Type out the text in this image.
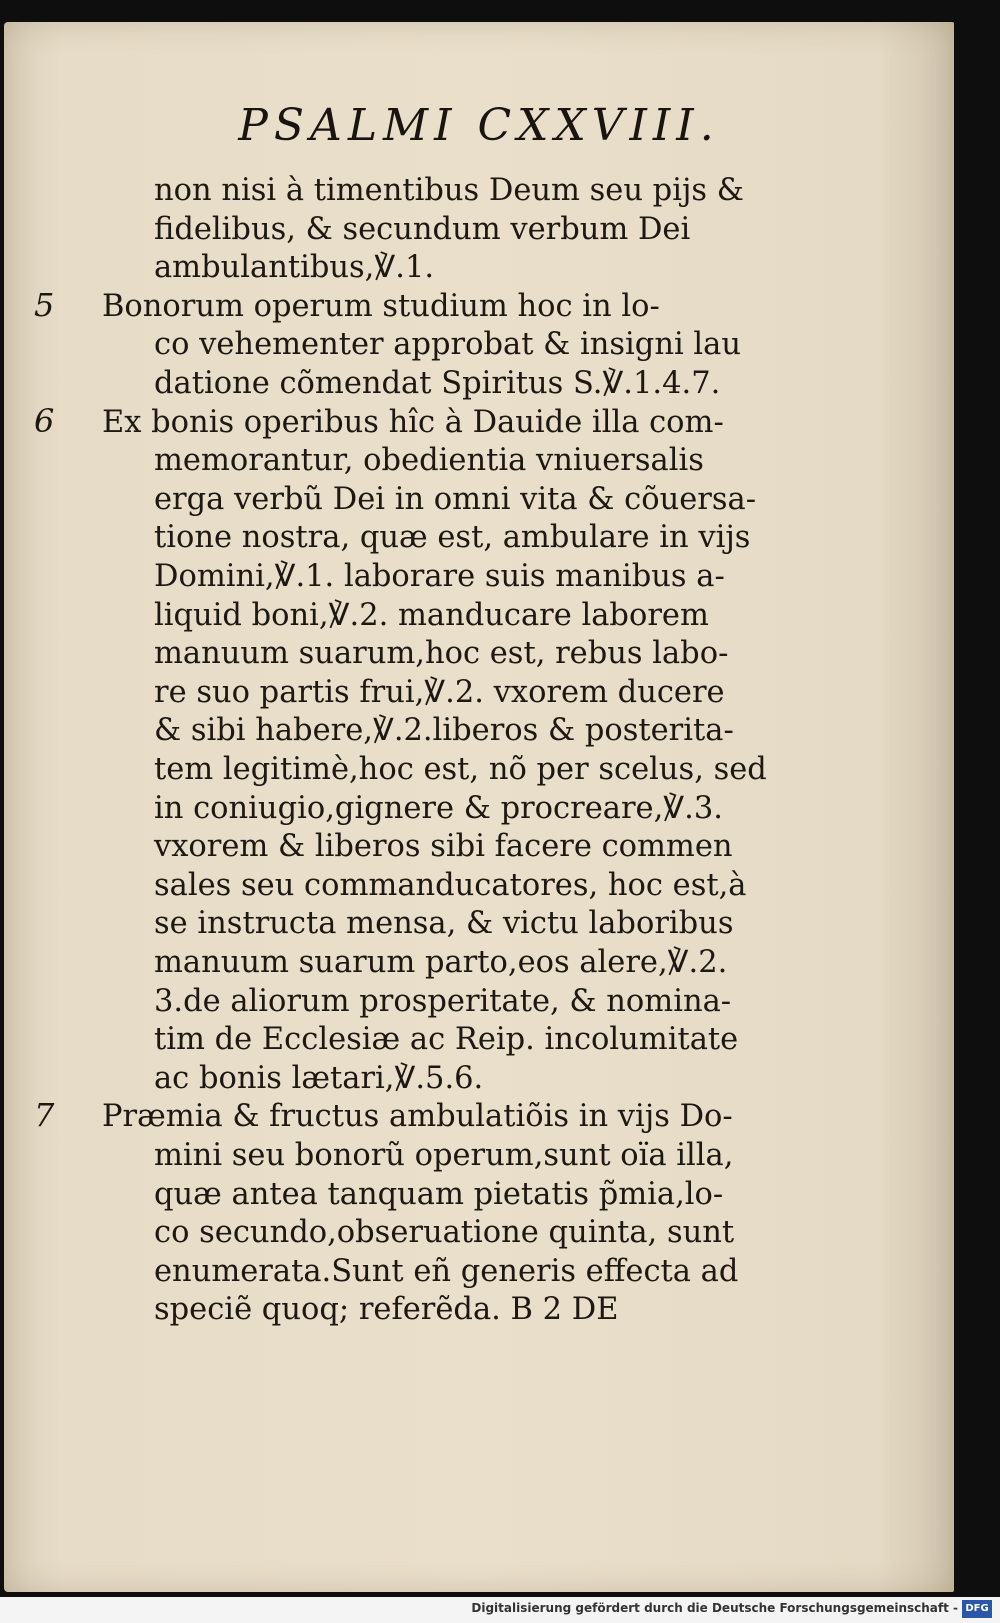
PSALMI CXXVIII.
non nisi à timentibus Deum seu pijs &
fidelibus, & secundum verbum Dei
ambulantibus,℣.1.
Bonorum operum studium hoc in lo-
5
co vehementer approbat & insigni lau
datione cõmendat Spiritus S.℣.1.4.7.
Ex bonis operibus hîc à Dauide illa com-
6
memorantur, obedientia vniuersalis
erga verbũ Dei in omni vita & cõuersa-
tione nostra, quæ est, ambulare in vijs
Domini,℣.1. laborare suis manibus a-
liquid boni,℣.2. manducare laborem
manuum suarum,hoc est, rebus labo-
re suo partis frui,℣.2. vxorem ducere
& sibi habere,℣.2.liberos & posterita-
tem legitimè,hoc est, nõ per scelus, sed
in coniugio,gignere & procreare,℣.3.
vxorem & liberos sibi facere commen
sales seu commanducatores, hoc est,à
se instructa mensa, & victu laboribus
manuum suarum parto,eos alere,℣.2.
3.de aliorum prosperitate, & nomina-
tim de Ecclesiæ ac Reip. incolumitate
ac bonis lætari,℣.5.6.
Præmia & fructus ambulatiõis in vijs Do-
7
mini seu bonorũ operum,sunt oïa illa,
quæ antea tanquam pietatis p̃mia,lo-
co secundo,obseruatione quinta, sunt
enumerata.Sunt eñ generis effecta ad
speciẽ quoq; referẽda. B 2 DE
Digitalisierung gefördert durch die Deutsche Forschungsgemeinschaft - DFG
